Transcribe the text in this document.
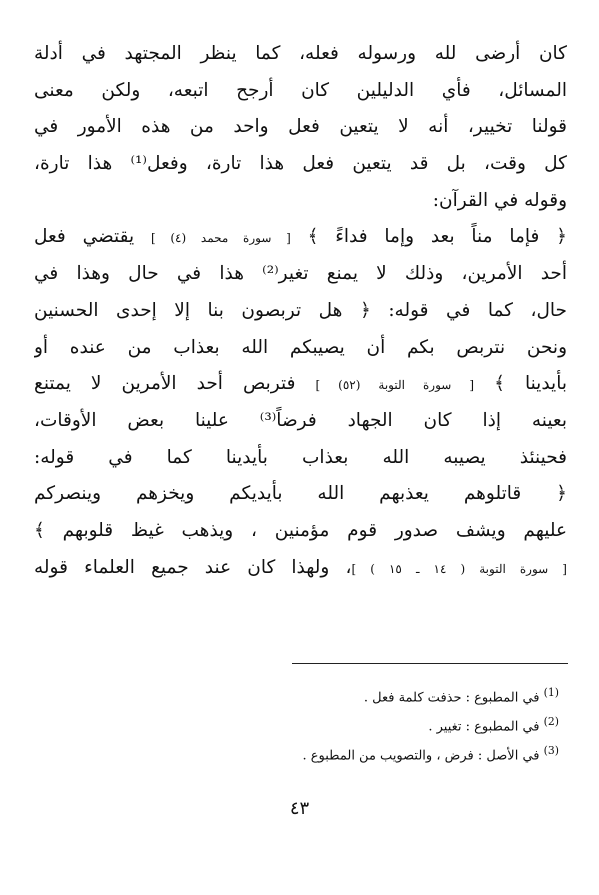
كان أرضى لله ورسوله فعله، كما ينظر المجتهد في أدلة
المسائل، فأي الدليلين كان أرجح اتبعه، ولكن معنى
قولنا تخيير، أنه لا يتعين فعل واحد من هذه الأمور في
كل وقت، بل قد يتعين فعل هذا تارة، وفعل⁽¹⁾ هذا تارة،
وقوله في القرآن:
﴿ فإما مناً بعد وإما فداءً ﴾ [ سورة محمد (٤) ] يقتضي فعل
أحد الأمرين، وذلك لا يمنع تغير⁽²⁾ هذا في حال وهذا في
حال، كما في قوله: ﴿ هل تربصون بنا إلا إحدى الحسنين
ونحن نتربص بكم أن يصيبكم الله بعذاب من عنده أو
بأيدينا ﴾ [ سورة التوبة (٥٢) ] فتربص أحد الأمرين لا يمتنع
بعينه إذا كان الجهاد فرضاً⁽³⁾ علينا بعض الأوقات،
فحينئذ يصيبه الله بعذاب بأيدينا كما في قوله:
﴿ قاتلوهم يعذبهم الله بأيديكم ويخزهم وينصركم
عليهم ويشف صدور قوم مؤمنين ، ويذهب غيظ قلوبهم ﴾
[ سورة التوبة ( ١٤ ـ ١٥ ) ]، ولهذا كان عند جميع العلماء قوله
$^{(1)}$ في المطبوع : حذفت كلمة فعل .
$^{(2)}$ في المطبوع : تغيير .
$^{(3)}$ في الأصل : فرض ، والتصويب من المطبوع .
٤٣
